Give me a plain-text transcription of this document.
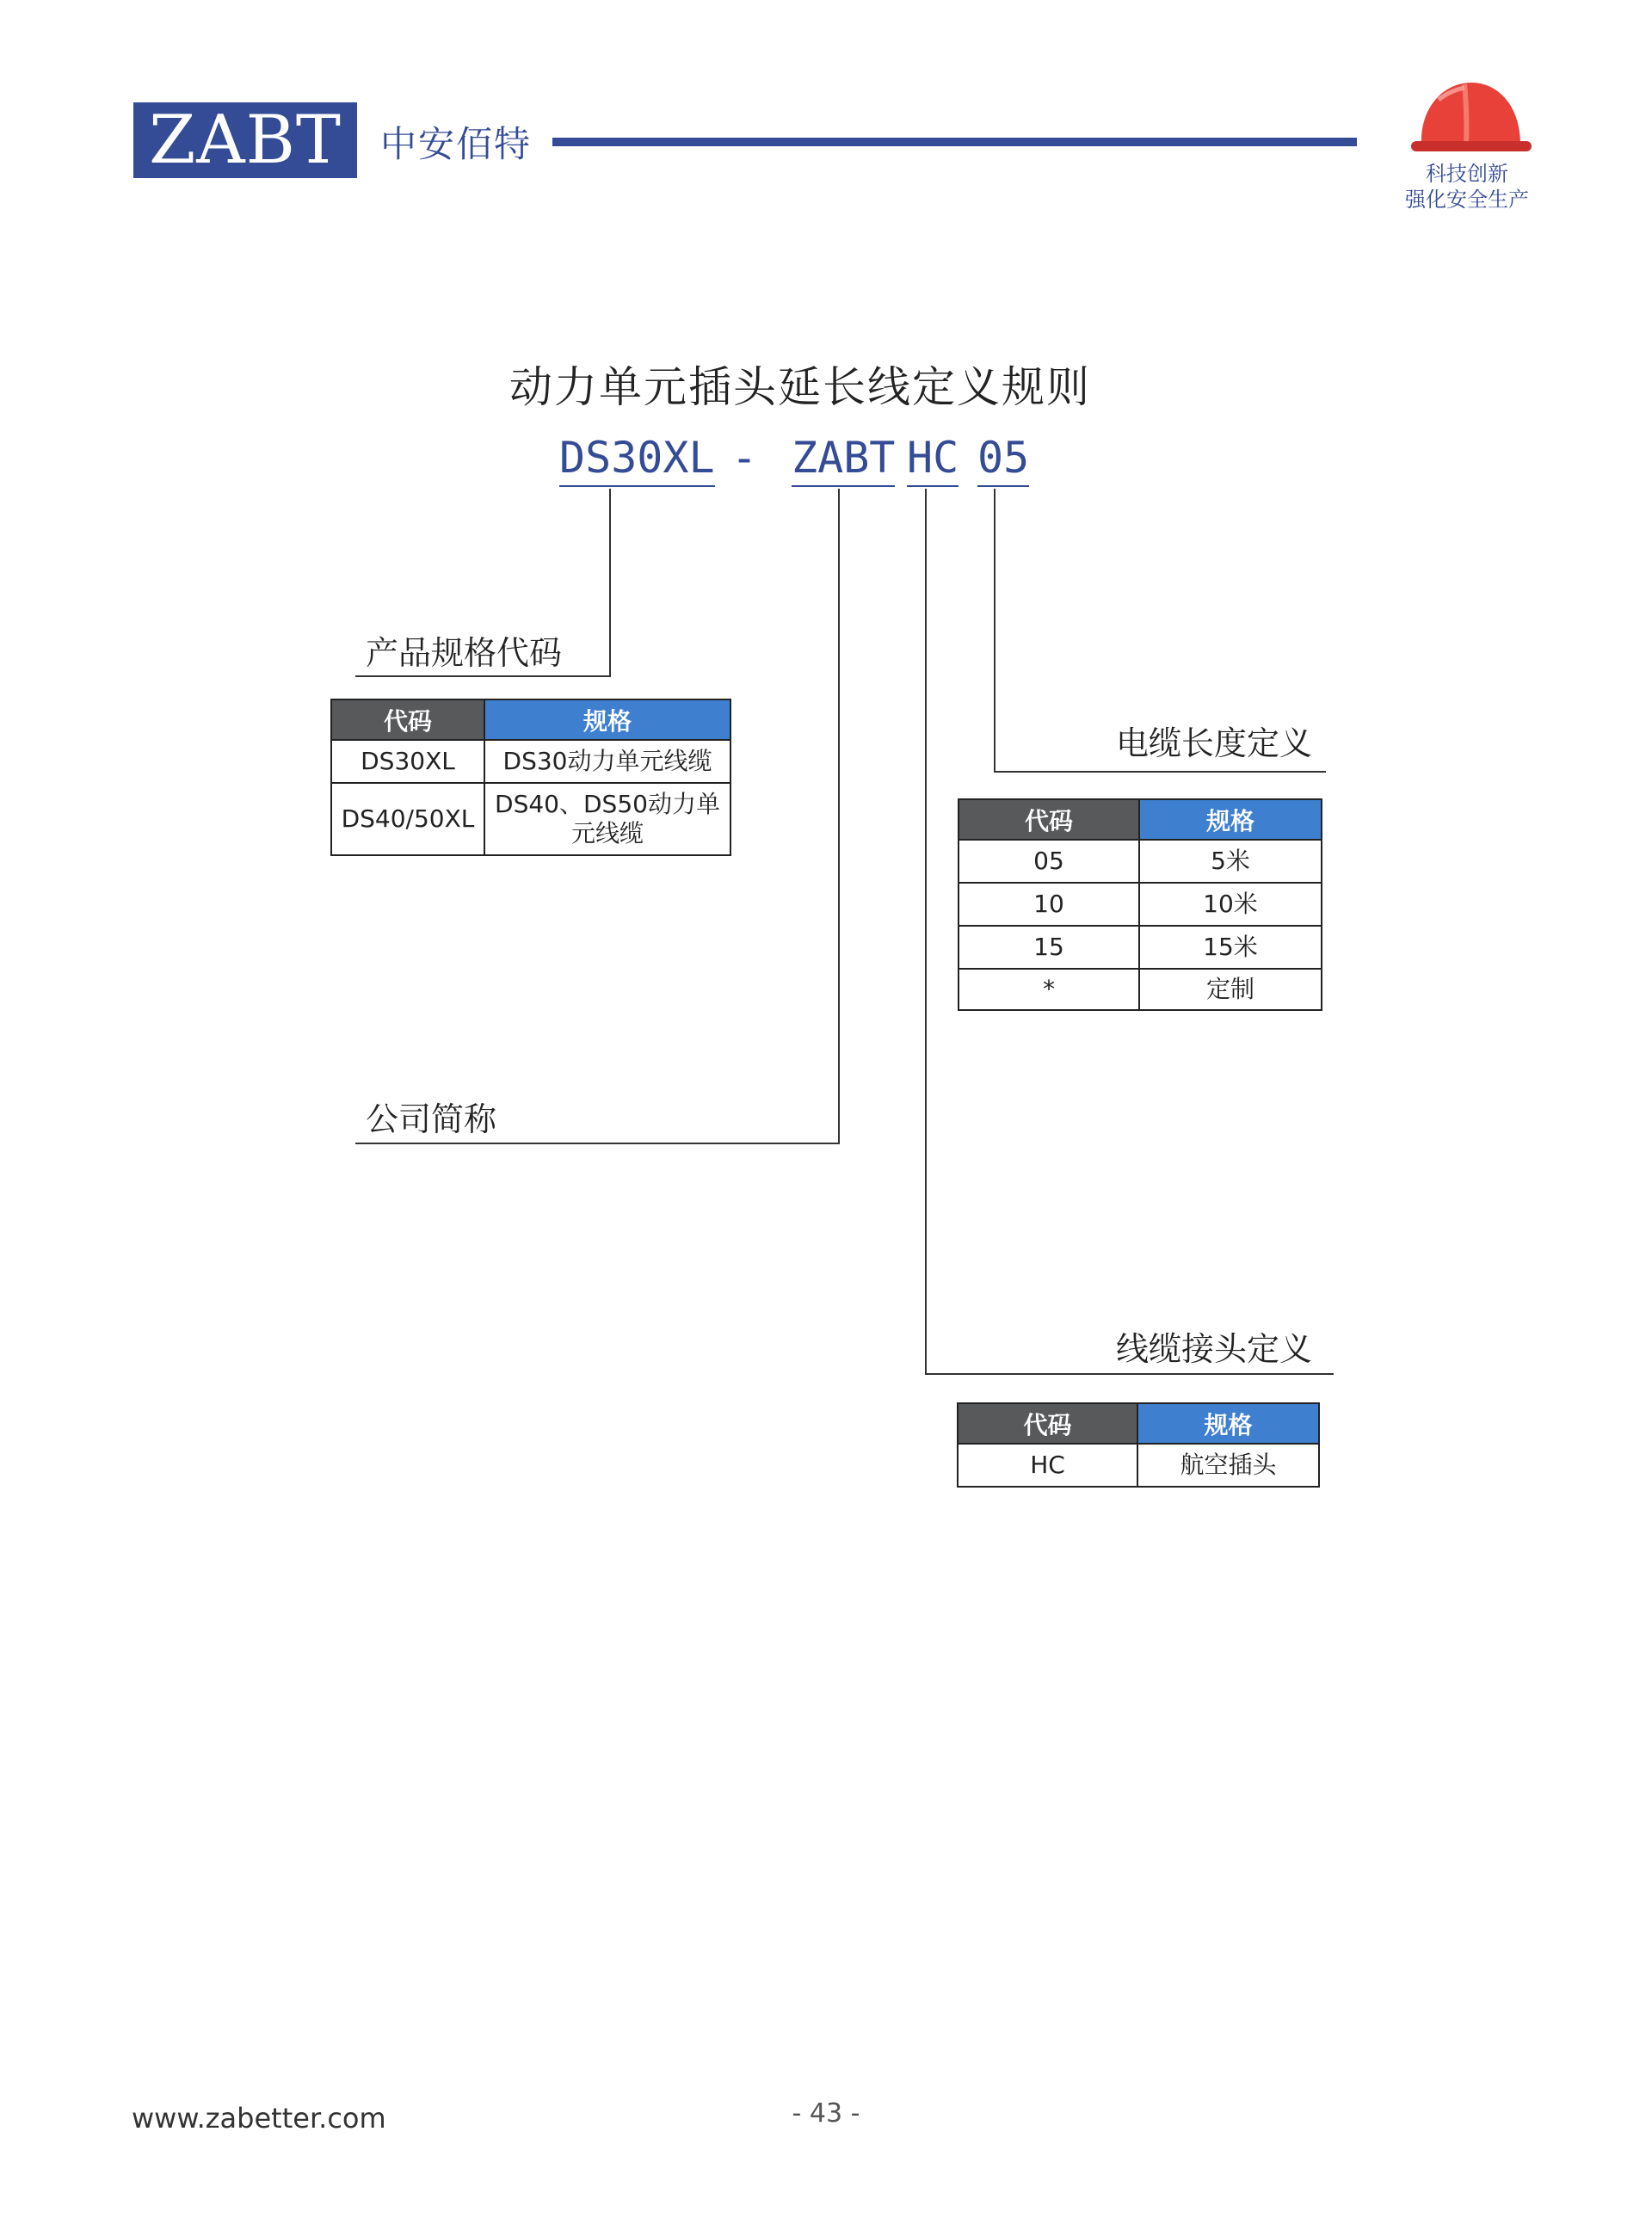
ZABT	中安佰特
科技创新
强化安全生产
动力单元插头延长线定义规则
DS30XL - ZABT HC 05
产品规格代码
代码	规格
DS30XL	DS30动力单元线缆
DS40/50XL	DS40、DS50动力单元线缆
公司简称
电缆长度定义
代码	规格
05	5米
10	10米
15	15米
*	定制
线缆接头定义
代码	规格
HC	航空插头
www.zabetter.com	- 43 -
